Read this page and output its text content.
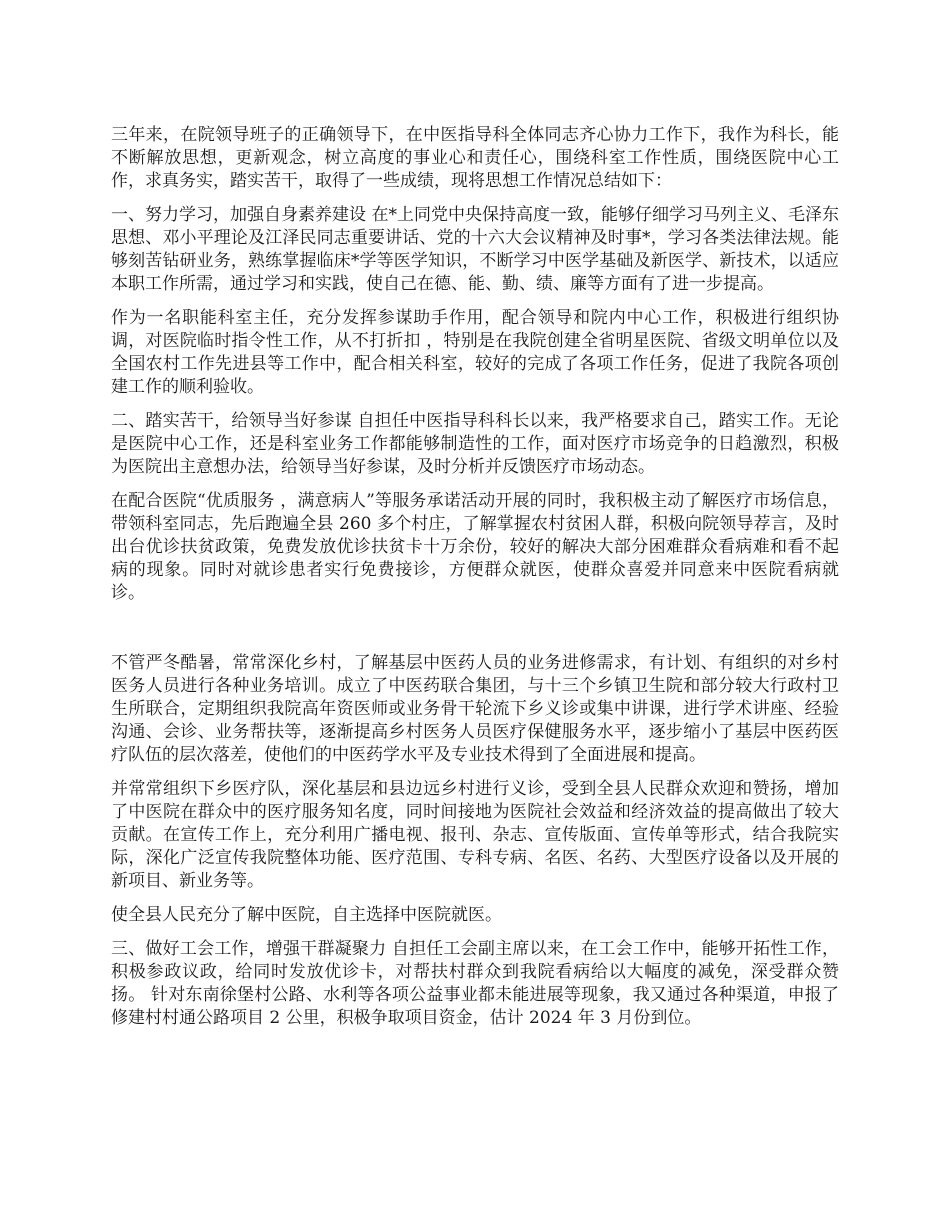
三年来，在院领导班子的正确领导下，在中医指导科全体同志齐心协力工作下，我作为科长，能不断解放思想，更新观念，树立高度的事业心和责任心，围绕科室工作性质，围绕医院中心工作，求真务实，踏实苦干，取得了一些成绩，现将思想工作情况总结如下：

一、努力学习，加强自身素养建设 在*上同党中央保持高度一致，能够仔细学习马列主义、毛泽东思想、邓小平理论及江泽民同志重要讲话、党的十六大会议精神及时事*，学习各类法律法规。能够刻苦钻研业务，熟练掌握临床*学等医学知识，不断学习中医学基础及新医学、新技术，以适应本职工作所需，通过学习和实践，使自己在德、能、勤、绩、廉等方面有了进一步提高。

作为一名职能科室主任，充分发挥参谋助手作用，配合领导和院内中心工作，积极进行组织协调，对医院临时指令性工作，从不打折扣 ，特别是在我院创建全省明星医院、省级文明单位以及全国农村工作先进县等工作中，配合相关科室，较好的完成了各项工作任务，促进了我院各项创建工作的顺利验收。

二、踏实苦干，给领导当好参谋 自担任中医指导科科长以来，我严格要求自己，踏实工作。无论是医院中心工作，还是科室业务工作都能够制造性的工作，面对医疗市场竞争的日趋激烈，积极为医院出主意想办法，给领导当好参谋，及时分析并反馈医疗市场动态。

在配合医院“优质服务 ，满意病人”等服务承诺活动开展的同时，我积极主动了解医疗市场信息，带领科室同志，先后跑遍全县 260 多个村庄，了解掌握农村贫困人群，积极向院领导荐言，及时出台优诊扶贫政策，免费发放优诊扶贫卡十万余份，较好的解决大部分困难群众看病难和看不起病的现象。同时对就诊患者实行免费接诊，方便群众就医，使群众喜爱并同意来中医院看病就诊。

不管严冬酷暑，常常深化乡村，了解基层中医药人员的业务进修需求，有计划、有组织的对乡村医务人员进行各种业务培训。成立了中医药联合集团，与十三个乡镇卫生院和部分较大行政村卫生所联合，定期组织我院高年资医师或业务骨干轮流下乡义诊或集中讲课，进行学术讲座、经验沟通、会诊、业务帮扶等，逐渐提高乡村医务人员医疗保健服务水平，逐步缩小了基层中医药医疗队伍的层次落差，使他们的中医药学水平及专业技术得到了全面进展和提高。

并常常组织下乡医疗队，深化基层和县边远乡村进行义诊，受到全县人民群众欢迎和赞扬，增加了中医院在群众中的医疗服务知名度，同时间接地为医院社会效益和经济效益的提高做出了较大贡献。在宣传工作上，充分利用广播电视、报刊、杂志、宣传版面、宣传单等形式，结合我院实际，深化广泛宣传我院整体功能、医疗范围、专科专病、名医、名药、大型医疗设备以及开展的新项目、新业务等。

使全县人民充分了解中医院，自主选择中医院就医。

三、做好工会工作，增强干群凝聚力 自担任工会副主席以来，在工会工作中，能够开拓性工作，积极参政议政，给同时发放优诊卡，对帮扶村群众到我院看病给以大幅度的减免，深受群众赞扬。 针对东南徐堡村公路、水利等各项公益事业都未能进展等现象，我又通过各种渠道，申报了修建村村通公路项目 2 公里，积极争取项目资金，估计 2024 年 3 月份到位。
